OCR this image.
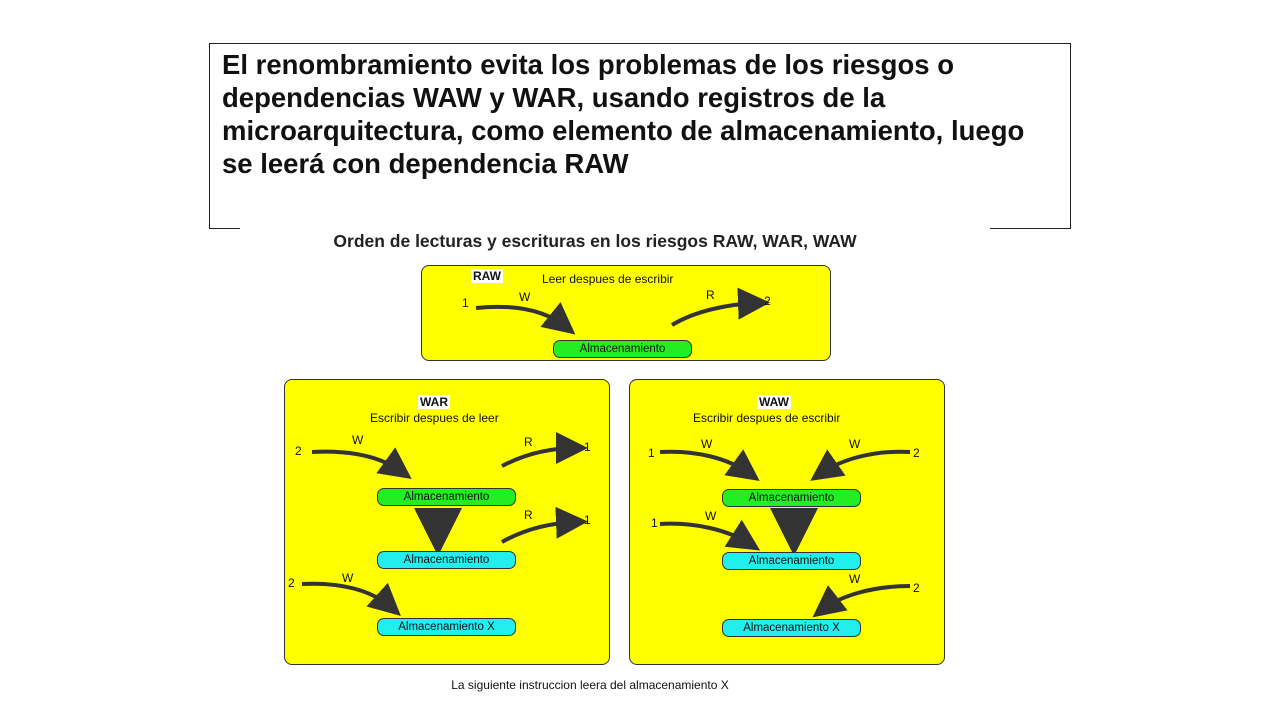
El renombramiento evita los problemas de los riesgos o dependencias WAW y WAR, usando registros de la microarquitectura, como elemento de almacenamiento, luego se leerá con dependencia RAW

Orden de lecturas y escrituras en los riesgos RAW, WAR, WAW
RAW	Leer despues de escribir
W	R
1	2
Almacenamiento
WAR
Escribir despues de leer
W	R
2	1
Almacenamiento
R	1
Almacenamiento
W
2
Almacenamiento X
WAW
Escribir despues de escribir
W	W
1	2
Almacenamiento
W
1
Almacenamiento
W
2
Almacenamiento X
La siguiente instruccion leera del almacenamiento X
